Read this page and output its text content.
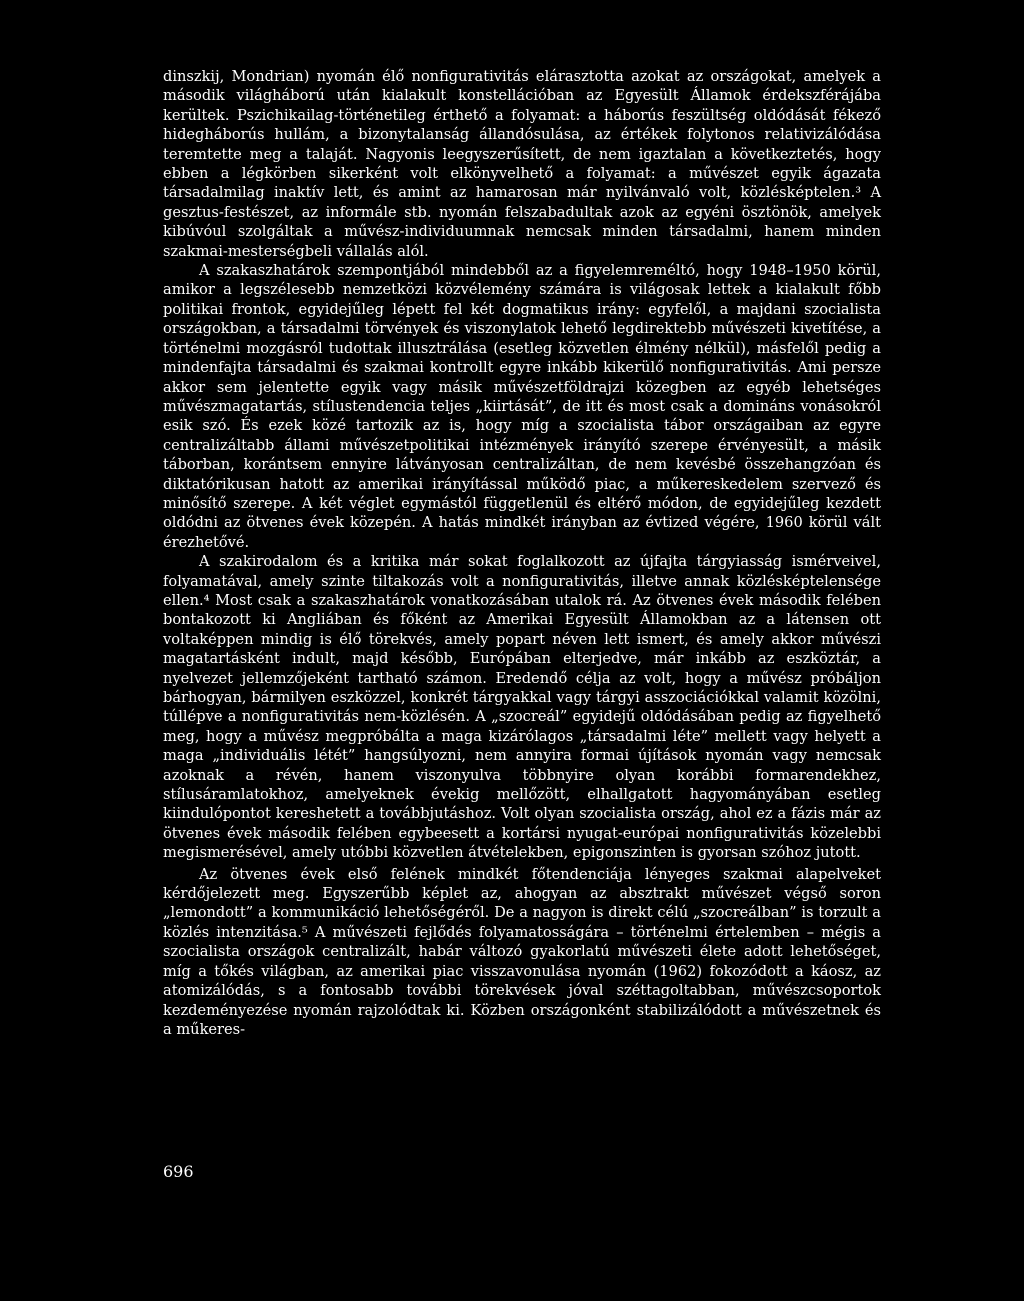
dinszkij, Mondrian) nyomán élő nonfigurativitás elárasztotta azokat az országokat, amelyek a második világháború után kialakult konstellációban az Egyesült Államok érdekszférájába kerültek. Pszichikailag-történetileg érthető a folyamat: a háborús feszültség oldódását fékező hidegháborús hullám, a bizonytalanság állandósulása, az értékek folytonos relativizálódása teremtette meg a talaját. Nagyonis leegyszerűsített, de nem igaztalan a következtetés, hogy ebben a légkörben sikerként volt elkönyvelhető a folyamat: a művészet egyik ágazata társadalmilag inaktív lett, és amint az hamarosan már nyilvánvaló volt, közlésképtelen.³ A gesztus-festészet, az informále stb. nyomán felszabadultak azok az egyéni ösztönök, amelyek kibúvóul szolgáltak a művész-individuumnak nemcsak minden társadalmi, hanem minden szakmai-mesterségbeli vállalás alól.

A szakaszhatárok szempontjából mindebből az a figyelemreméltó, hogy 1948–1950 körül, amikor a legszélesebb nemzetközi közvélemény számára is világosak lettek a kialakult főbb politikai frontok, egyidejűleg lépett fel két dogmatikus irány: egyfelől, a majdani szocialista országokban, a társadalmi törvények és viszonylatok lehető legdirektebb művészeti kivetítése, a történelmi mozgásról tudottak illusztrálása (esetleg közvetlen élmény nélkül), másfelől pedig a mindenfajta társadalmi és szakmai kontrollt egyre inkább kikerülő nonfigurativitás. Ami persze akkor sem jelentette egyik vagy másik művészetföldrajzi közegben az egyéb lehetséges művészmagatartás, stílustendencia teljes „kiirtását”, de itt és most csak a domináns vonásokról esik szó. És ezek közé tartozik az is, hogy míg a szocialista tábor országaiban az egyre centralizáltabb állami művészetpolitikai intézmények irányító szerepe érvényesült, a másik táborban, korántsem ennyire látványosan centralizáltan, de nem kevésbé összehangzóan és diktatórikusan hatott az amerikai irányítással működő piac, a műkereskedelem szervező és minősítő szerepe. A két véglet egymástól függetlenül és eltérő módon, de egyidejűleg kezdett oldódni az ötvenes évek közepén. A hatás mindkét irányban az évtized végére, 1960 körül vált érezhetővé.

A szakirodalom és a kritika már sokat foglalkozott az újfajta tárgyiasság ismérveivel, folyamatával, amely szinte tiltakozás volt a nonfigurativitás, illetve annak közlésképtelensége ellen.⁴ Most csak a szakaszhatárok vonatkozásában utalok rá. Az ötvenes évek második felében bontakozott ki Angliában és főként az Amerikai Egyesült Államokban az a látensen ott voltaképpen mindig is élő törekvés, amely popart néven lett ismert, és amely akkor művészi magatartásként indult, majd később, Európában elterjedve, már inkább az eszköztár, a nyelvezet jellemzőjeként tartható számon. Eredendő célja az volt, hogy a művész próbáljon bárhogyan, bármilyen eszközzel, konkrét tárgyakkal vagy tárgyi asszociációkkal valamit közölni, túllépve a nonfigurativitás nem-közlésén. A „szocreál” egyidejű oldódásában pedig az figyelhető meg, hogy a művész megpróbálta a maga kizárólagos „társadalmi léte” mellett vagy helyett a maga „individuális létét” hangsúlyozni, nem annyira formai újítások nyomán vagy nemcsak azoknak a révén, hanem viszonyulva többnyire olyan korábbi formarendekhez, stílusáramlatokhoz, amelyeknek évekig mellőzött, elhallgatott hagyományában esetleg kiindulópontot kereshetett a továbbjutáshoz. Volt olyan szocialista ország, ahol ez a fázis már az ötvenes évek második felében egybeesett a kortársi nyugat-európai nonfigurativitás közelebbi megismerésével, amely utóbbi közvetlen átvételekben, epigonszinten is gyorsan szóhoz jutott.

Az ötvenes évek első felének mindkét főtendenciája lényeges szakmai alapelveket kérdőjelezett meg. Egyszerűbb képlet az, ahogyan az absztrakt művészet végső soron „lemondott” a kommunikáció lehetőségéről. De a nagyon is direkt célú „szocreálban” is torzult a közlés intenzitása.⁵ A művészeti fejlődés folyamatosságára – történelmi értelemben – mégis a szocialista országok centralizált, habár változó gyakorlatú művészeti élete adott lehetőséget, míg a tőkés világban, az amerikai piac visszavonulása nyomán (1962) fokozódott a káosz, az atomizálódás, s a fontosabb további törekvések jóval széttagoltabban, művészcsoportok kezdeményezése nyomán rajzolódtak ki. Közben országonként stabilizálódott a művészetnek és a műkeres-

696
